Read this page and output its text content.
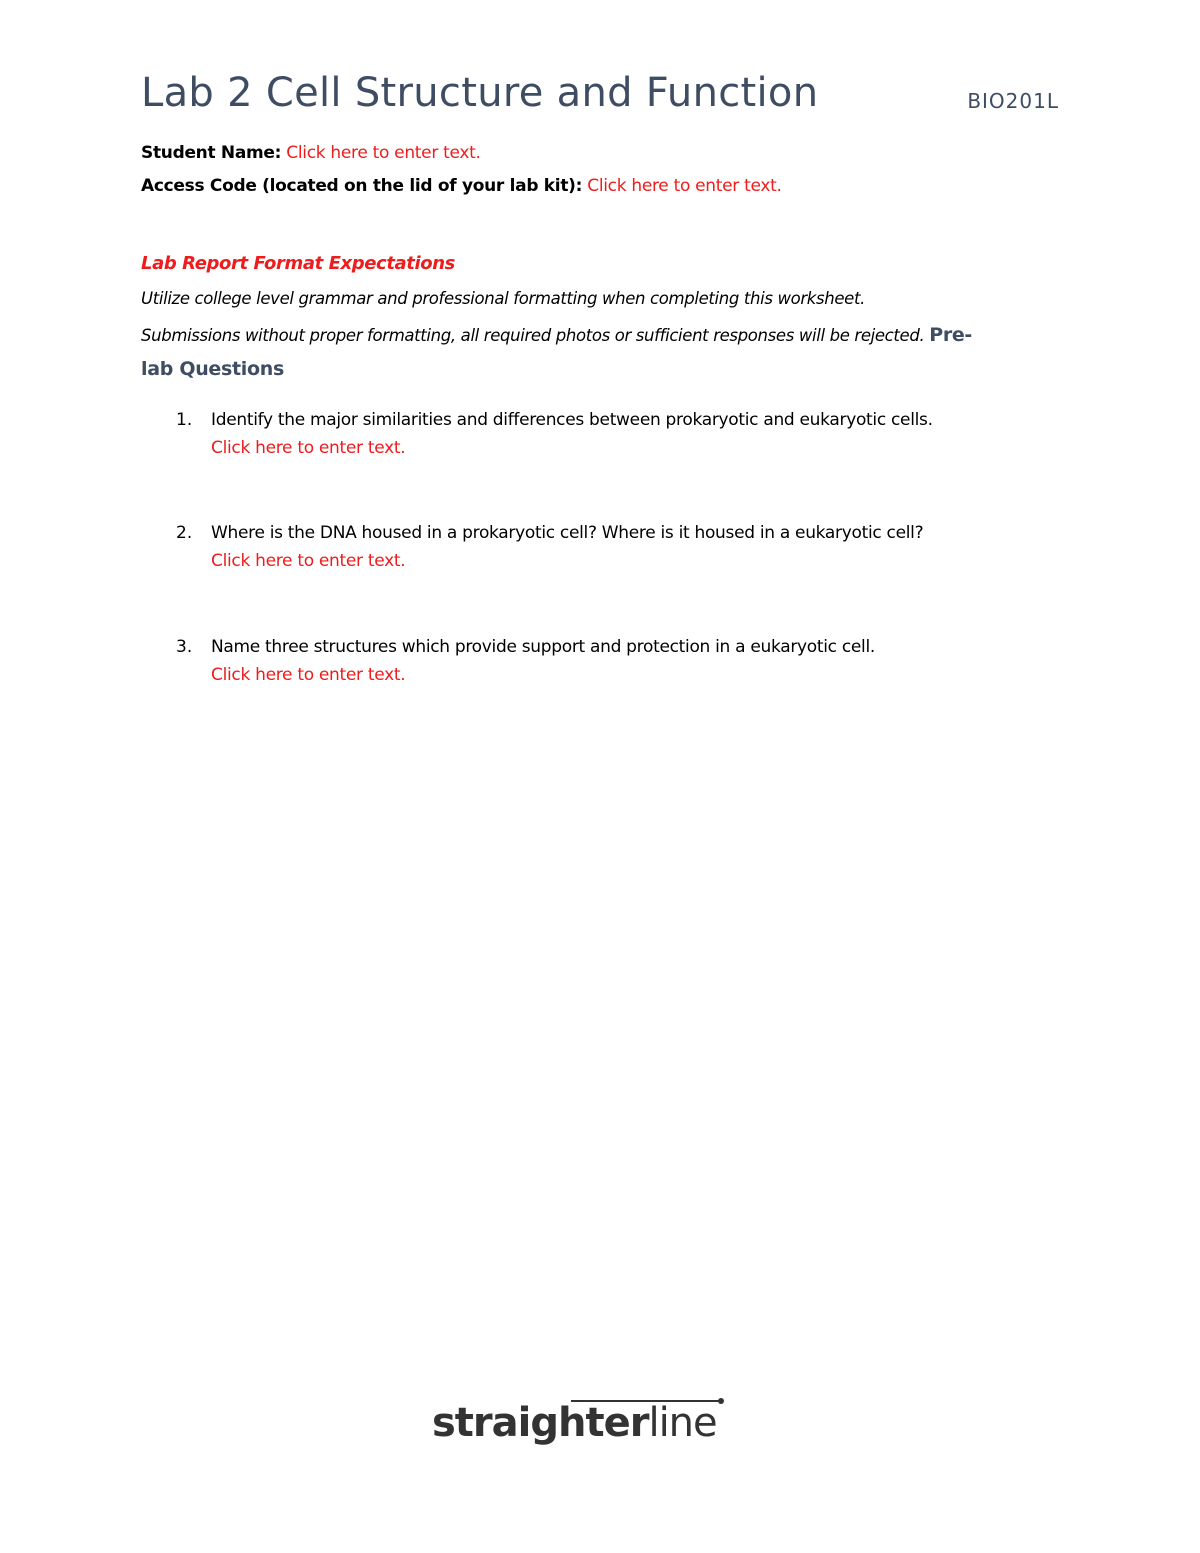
Lab 2 Cell Structure and Function	BIO201L
Student Name: Click here to enter text.
Access Code (located on the lid of your lab kit): Click here to enter text.
Lab Report Format Expectations
Utilize college level grammar and professional formatting when completing this worksheet.
Submissions without proper formatting, all required photos or sufficient responses will be rejected. Pre-
lab Questions
1. Identify the major similarities and differences between prokaryotic and eukaryotic cells.
Click here to enter text.
2. Where is the DNA housed in a prokaryotic cell? Where is it housed in a eukaryotic cell?
Click here to enter text.
3. Name three structures which provide support and protection in a eukaryotic cell.
Click here to enter text.
straighterline
